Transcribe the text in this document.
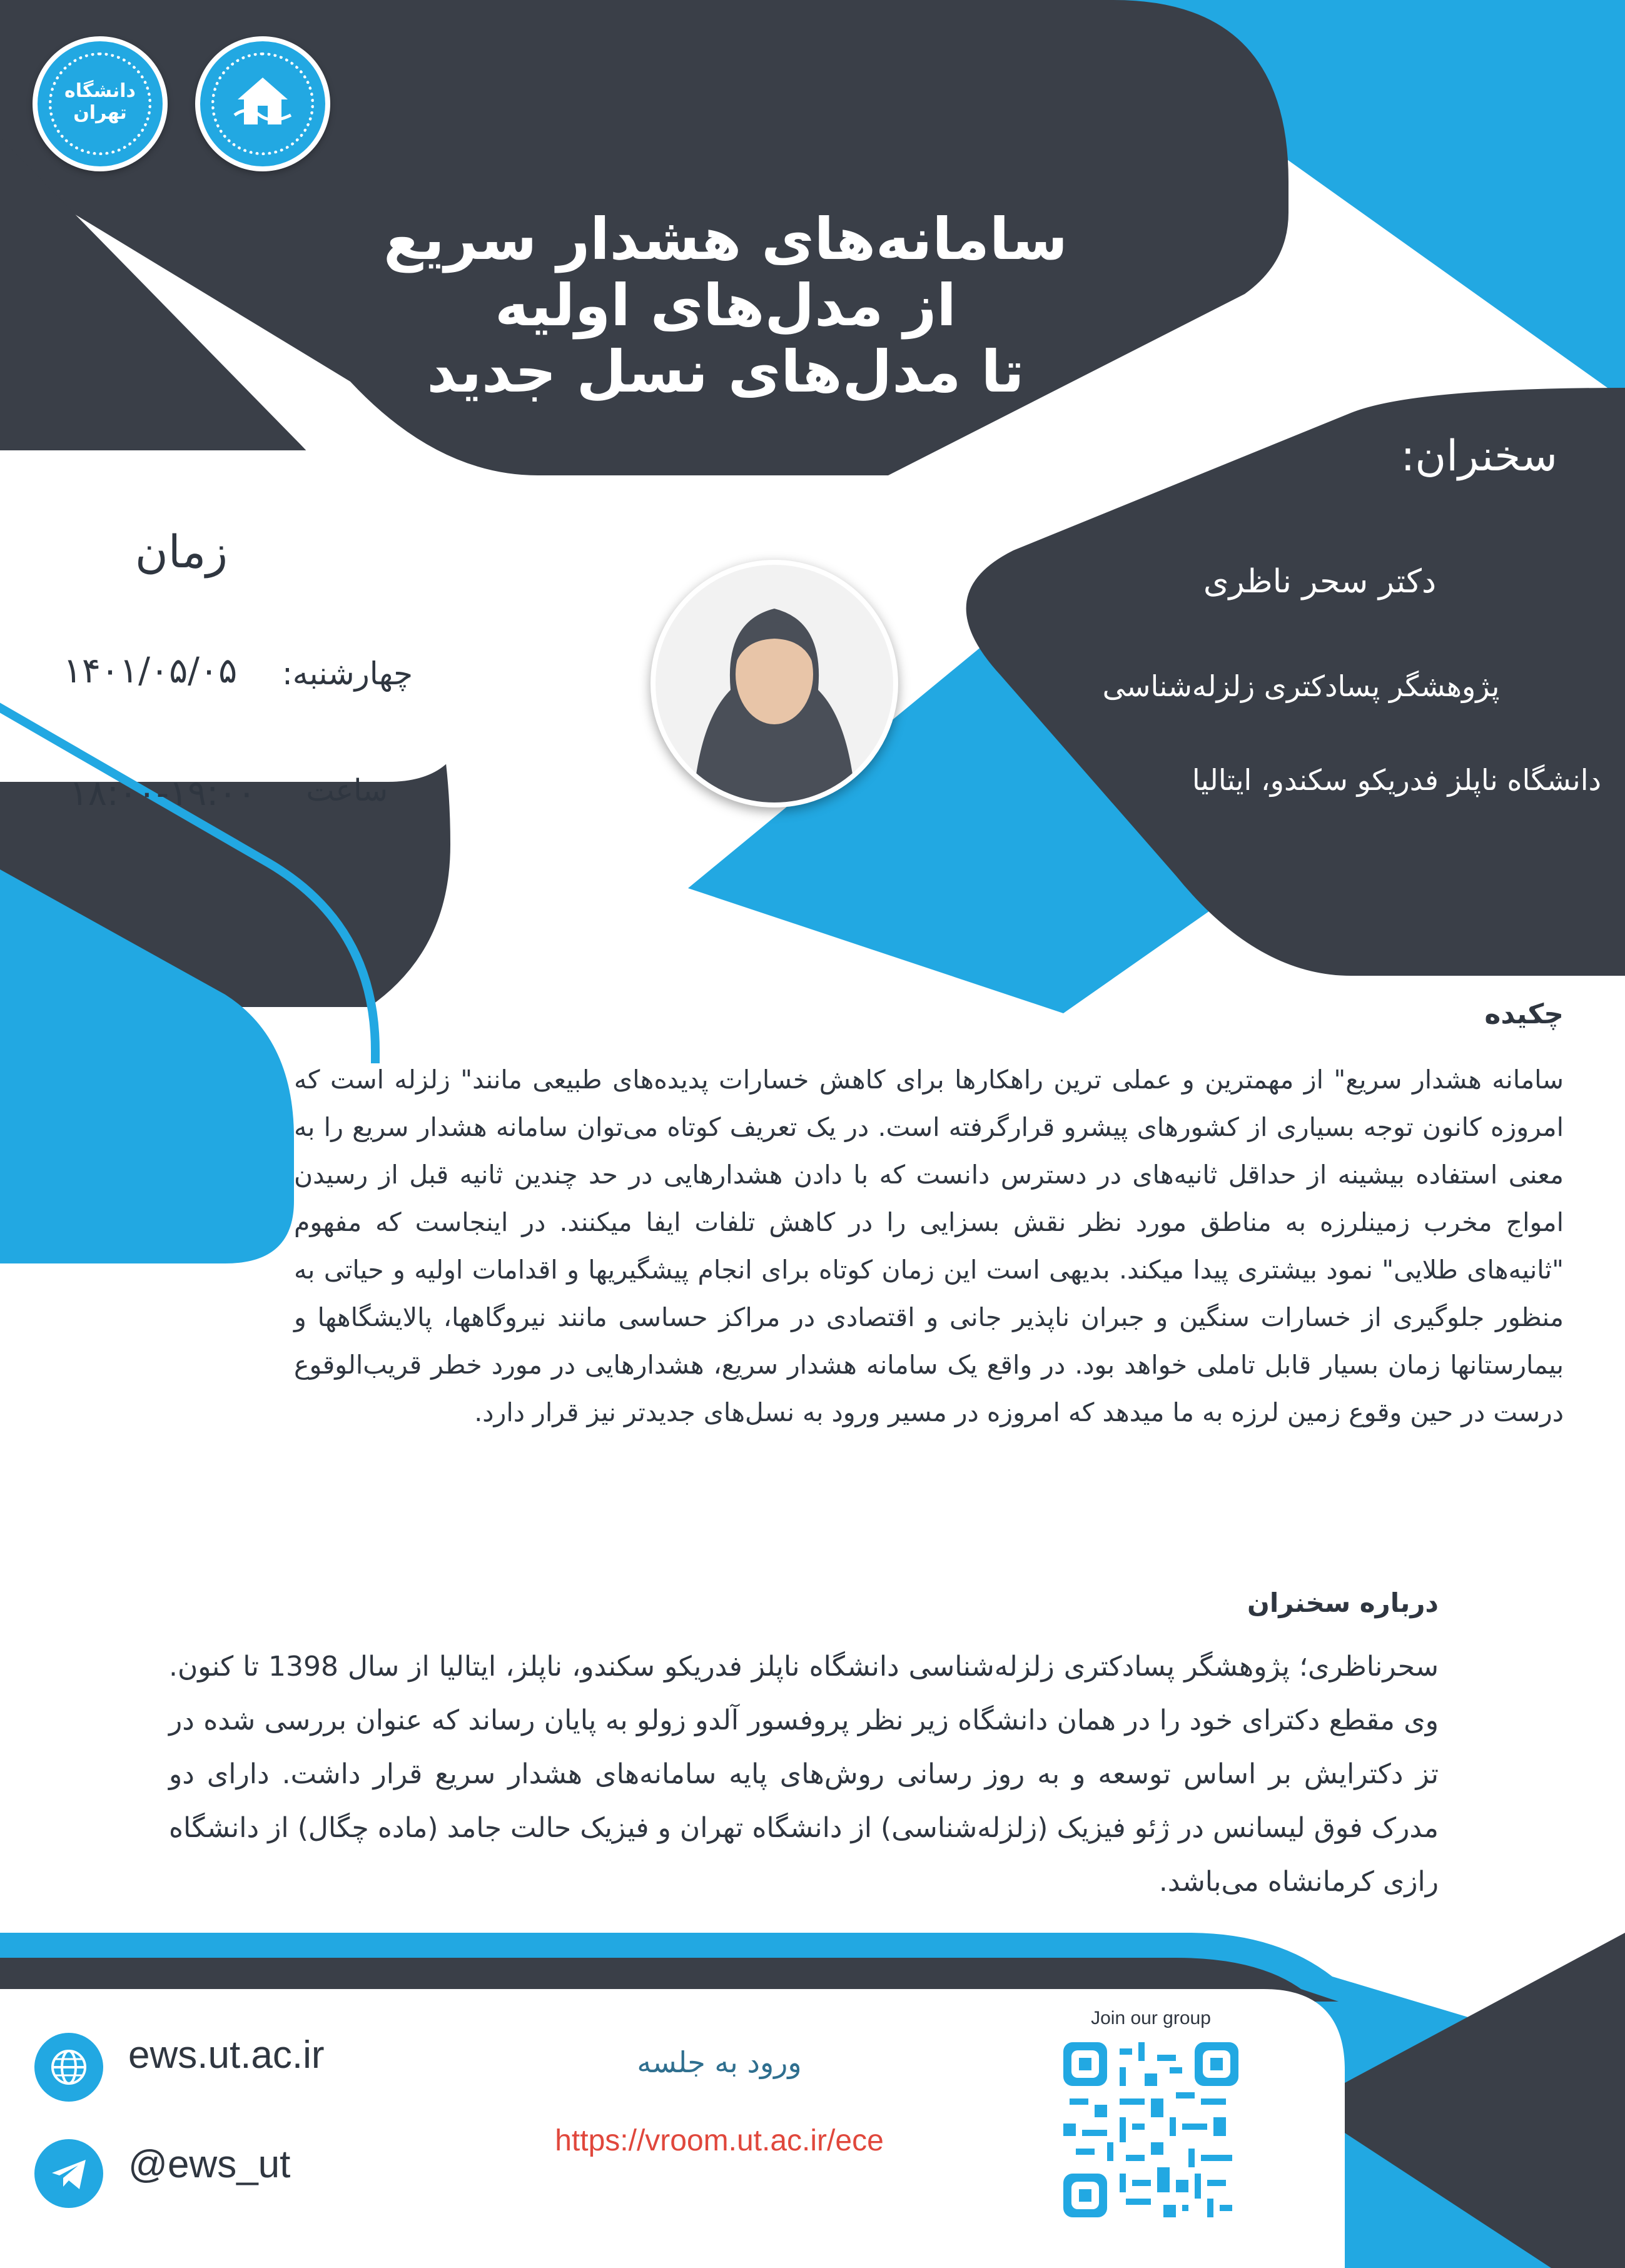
دانشگاه تهران
سامانه‌های هشدار سریع
از مدل‌های اولیه
تا مدل‌های نسل جدید
زمان
چهارشنبه:
۱۴۰۱/۰۵/۰۵
ساعت
۱۸:۰۰-۱۹:۰۰
سخنران:
دکتر سحر ناظری
پژوهشگر پسادکتری زلزله‌شناسی
دانشگاه ناپلز فدریکو سکندو، ایتالیا
چکیده
سامانه هشدار سریع" از مهمترین و عملی ترین راهکارها برای کاهش خسارات پدیده‌های طبیعی مانند" زلزله است که امروزه کانون توجه بسیاری از کشورهای پیشرو قرارگرفته است. در یک تعریف کوتاه می‌توان سامانه هشدار سریع را به معنی استفاده بیشینه از حداقل ثانیه‌های در دسترس دانست که با دادن هشدارهایی در حد چندین ثانیه قبل از رسیدن امواج مخرب زمینلرزه به مناطق مورد نظر نقش بسزایی را در کاهش تلفات ایفا میکنند. در اینجاست که مفهوم "ثانیه‌های طلایی" نمود بیشتری پیدا میکند. بدیهی است این زمان کوتاه برای انجام پیشگیریها و اقدامات اولیه و حیاتی به منظور جلوگیری از خسارات سنگین و جبران ناپذیر جانی و اقتصادی در مراکز حساسی مانند نیروگاهها، پالایشگاهها و بیمارستانها زمان بسیار قابل تاملی خواهد بود. در واقع یک سامانه هشدار سریع، هشدارهایی در مورد خطر قریب‌الوقوع درست در حین وقوع زمین لرزه به ما میدهد که امروزه در مسیر ورود به نسل‌های جدیدتر نیز قرار دارد.
درباره سخنران
سحرناظری؛ پژوهشگر پسادکتری زلزله‌شناسی دانشگاه ناپلز فدریکو سکندو، ناپلز، ایتالیا از سال 1398 تا کنون. وی مقطع دکترای خود را در همان دانشگاه زیر نظر پروفسور آلدو زولو به پایان رساند که عنوان بررسی شده در تز دکترایش بر اساس توسعه و به روز رسانی روش‌های پایه سامانه‌های هشدار سریع قرار داشت. دارای دو مدرک فوق لیسانس در ژئو فیزیک (زلزله‌شناسی) از دانشگاه تهران و فیزیک حالت جامد (ماده چگال) از دانشگاه رازی کرمانشاه می‌باشد.
ews.ut.ac.ir
@ews_ut
ورود به جلسه
https://vroom.ut.ac.ir/ece
Join our group
